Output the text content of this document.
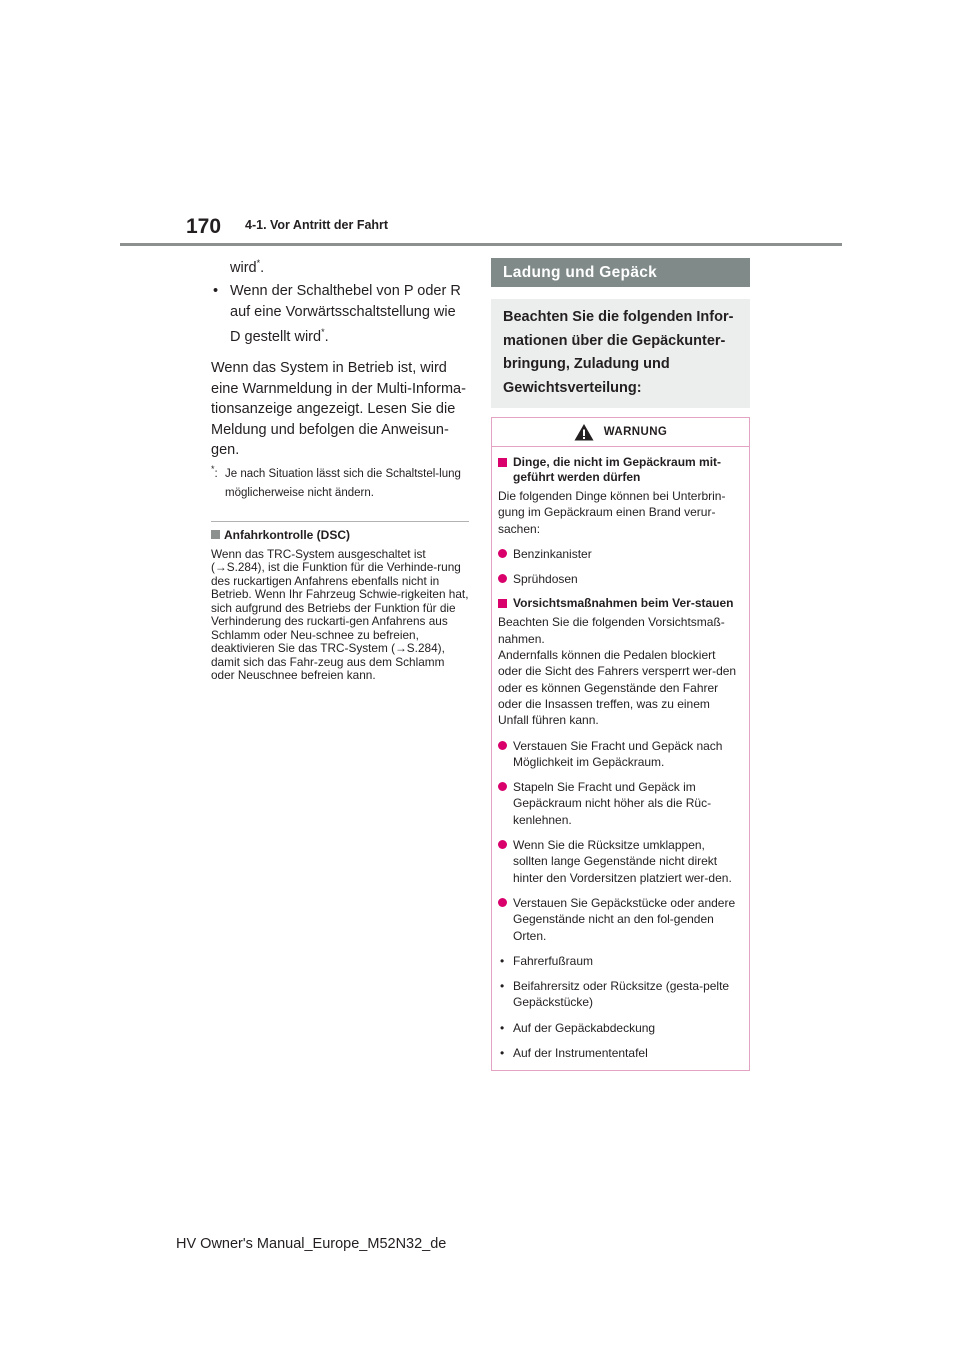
170 4-1. Vor Antritt der Fahrt
wird*.
• Wenn der Schalthebel von P oder R auf eine Vorwärtsschaltstellung wie
D gestellt wird*.
Wenn das System in Betrieb ist, wird eine Warnmeldung in der Multi-Informa-tionsanzeige angezeigt. Lesen Sie die Meldung und befolgen die Anweisun-gen.
*: Je nach Situation lässt sich die Schaltstel-lung möglicherweise nicht ändern.
Anfahrkontrolle (DSC)
Wenn das TRC-System ausgeschaltet ist (→S.284), ist die Funktion für die Verhinde-rung des ruckartigen Anfahrens ebenfalls nicht in Betrieb. Wenn Ihr Fahrzeug Schwie-rigkeiten hat, sich aufgrund des Betriebs der Funktion für die Verhinderung des ruckarti-gen Anfahrens aus Schlamm oder Neu-schnee zu befreien, deaktivieren Sie das TRC-System (→S.284), damit sich das Fahr-zeug aus dem Schlamm oder Neuschnee befreien kann.
Ladung und Gepäck
Beachten Sie die folgenden Infor-mationen über die Gepäckunter-bringung, Zuladung und Gewichtsverteilung:
WARNUNG
Dinge, die nicht im Gepäckraum mit-geführt werden dürfen
Die folgenden Dinge können bei Unterbrin-gung im Gepäckraum einen Brand verur-sachen:
Benzinkanister
Sprühdosen
Vorsichtsmaßnahmen beim Ver-stauen
Beachten Sie die folgenden Vorsichtsmaß-nahmen.
Andernfalls können die Pedalen blockiert oder die Sicht des Fahrers versperrt wer-den oder es können Gegenstände den Fahrer oder die Insassen treffen, was zu einem Unfall führen kann.
Verstauen Sie Fracht und Gepäck nach Möglichkeit im Gepäckraum.
Stapeln Sie Fracht und Gepäck im Gepäckraum nicht höher als die Rüc-kenlehnen.
Wenn Sie die Rücksitze umklappen, sollten lange Gegenstände nicht direkt hinter den Vordersitzen platziert wer-den.
Verstauen Sie Gepäckstücke oder andere Gegenstände nicht an den fol-genden Orten.
• Fahrerfußraum
• Beifahrersitz oder Rücksitze (gesta-pelte Gepäckstücke)
• Auf der Gepäckabdeckung
• Auf der Instrumententafel
HV Owner's Manual_Europe_M52N32_de
